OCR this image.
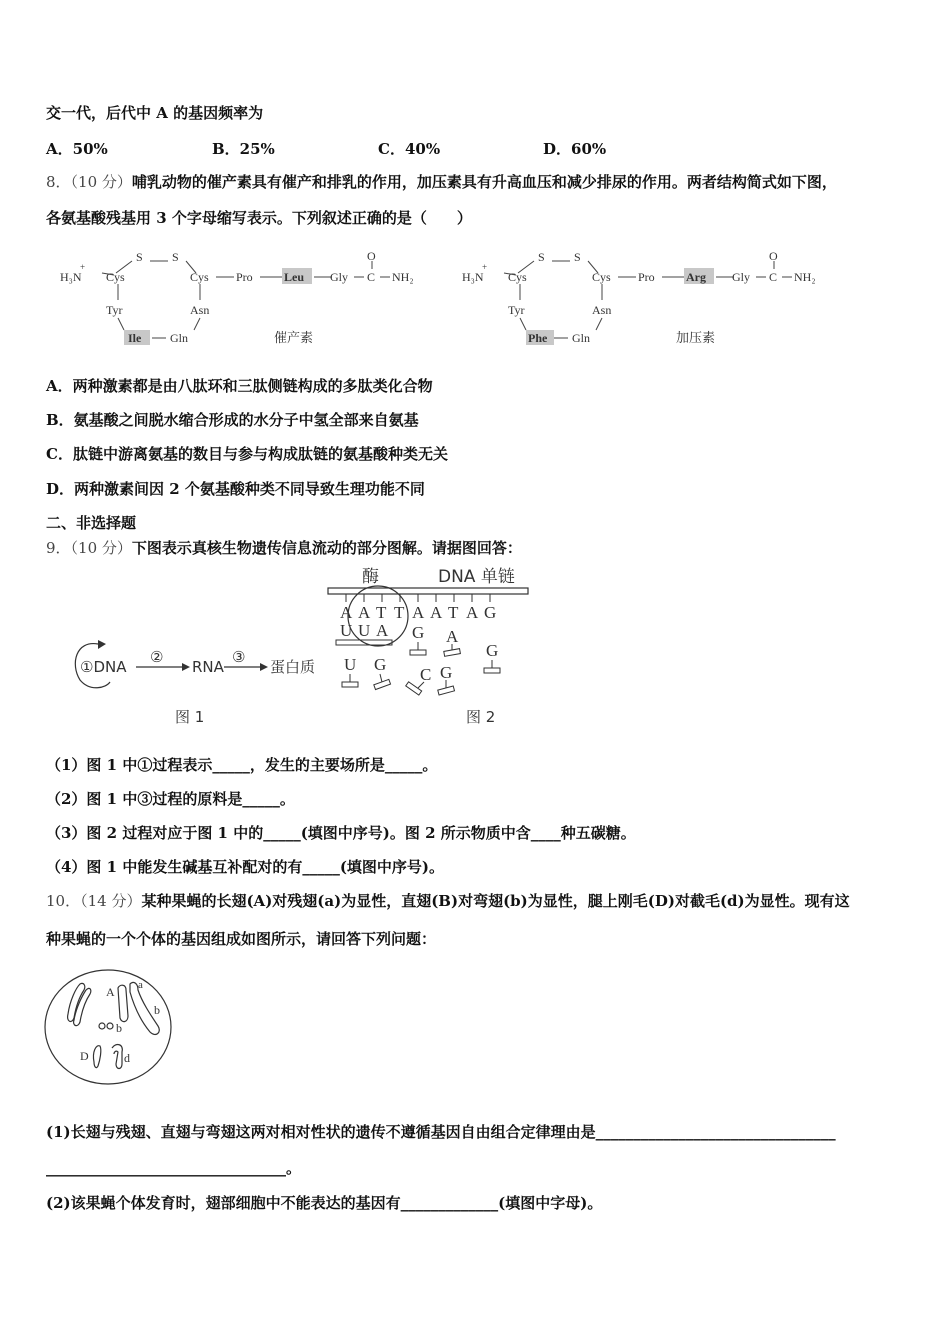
交一代，后代中 A 的基因频率为
A．50%	B．25%	C．40%	D．60%
8．（10 分）哺乳动物的催产素具有催产和排乳的作用，加压素具有升高血压和减少排尿的作用。两者结构简式如下图，
各氨基酸残基用 3 个字母缩写表示。下列叙述正确的是（　　）
H₃N
+
Cys
S S
Cys Pro	Leu Gly
O
C NH₂
Tyr	Asn
Ile Gln	催产素
H₃N
+
Cys
S S
Cys Pro	Arg Gly
O
C NH₂
Tyr	Asn
Phe Gln	加压素
A．两种激素都是由八肽环和三肽侧链构成的多肽类化合物
B．氨基酸之间脱水缩合形成的水分子中氢全部来自氨基
C．肽链中游离氨基的数目与参与构成肽链的氨基酸种类无关
D．两种激素间因 2 个氨基酸种类不同导致生理功能不同
二、非选择题
9．（10 分）下图表示真核生物遗传信息流动的部分图解。请据图回答：
①DNA
②
RNA
③
蛋白质
图 1
酶	DNA 单链
A A T T A A T A G
U U A G A
G
U G
C G
图 2
（1）图 1 中①过程表示_____，发生的主要场所是_____。
（2）图 1 中③过程的原料是_____。
（3）图 2 过程对应于图 1 中的_____(填图中序号)。图 2 所示物质中含____种五碳糖。
（4）图 1 中能发生碱基互补配对的有_____(填图中序号)。
10．（14 分）某种果蝇的长翅(A)对残翅(a)为显性，直翅(B)对弯翅(b)为显性，腿上刚毛(D)对截毛(d)为显性。现有这
种果蝇的一个个体的基因组成如图所示，请回答下列问题：
A a
b
b
D	d
(1)长翅与残翅、直翅与弯翅这两对相对性状的遗传不遵循基因自由组合定律理由是________________________________
________________________________。
(2)该果蝇个体发育时，翅部细胞中不能表达的基因有_____________(填图中字母)。
